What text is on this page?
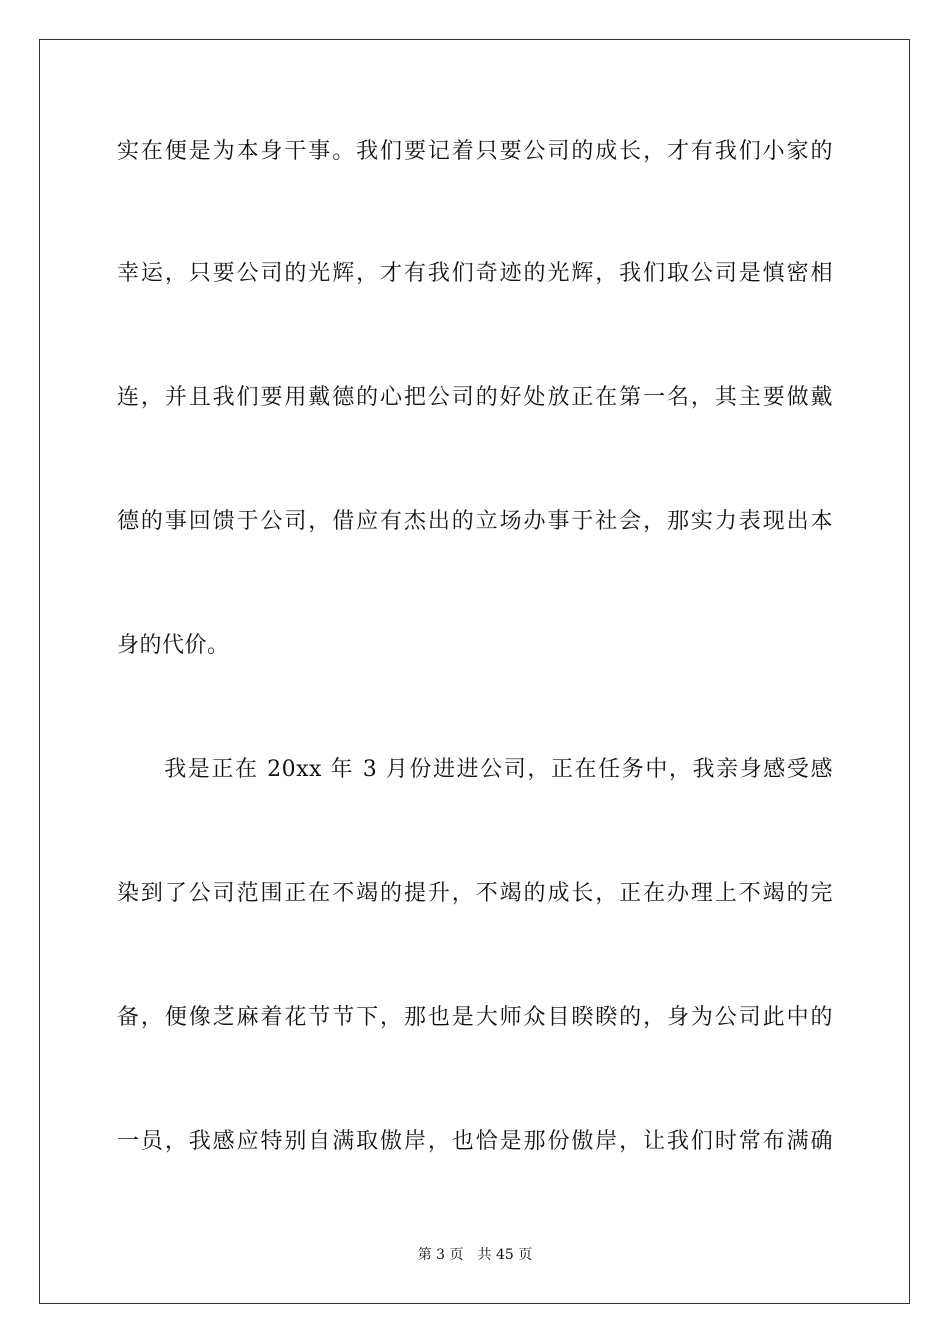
实在便是为本身干事。我们要记着只要公司的成长，才有我们小家的
幸运，只要公司的光辉，才有我们奇迹的光辉，我们取公司是慎密相
连，并且我们要用戴德的心把公司的好处放正在第一名，其主要做戴
德的事回馈于公司，借应有杰出的立场办事于社会，那实力表现出本
身的代价。
　　我是正在 20xx 年 3 月份进进公司，正在任务中，我亲身感受感
染到了公司范围正在不竭的提升，不竭的成长，正在办理上不竭的完
备，便像芝麻着花节节下，那也是大师众目睽睽的，身为公司此中的
一员，我感应特别自满取傲岸，也恰是那份傲岸，让我们时常布满确
第 3 页 共 45 页
